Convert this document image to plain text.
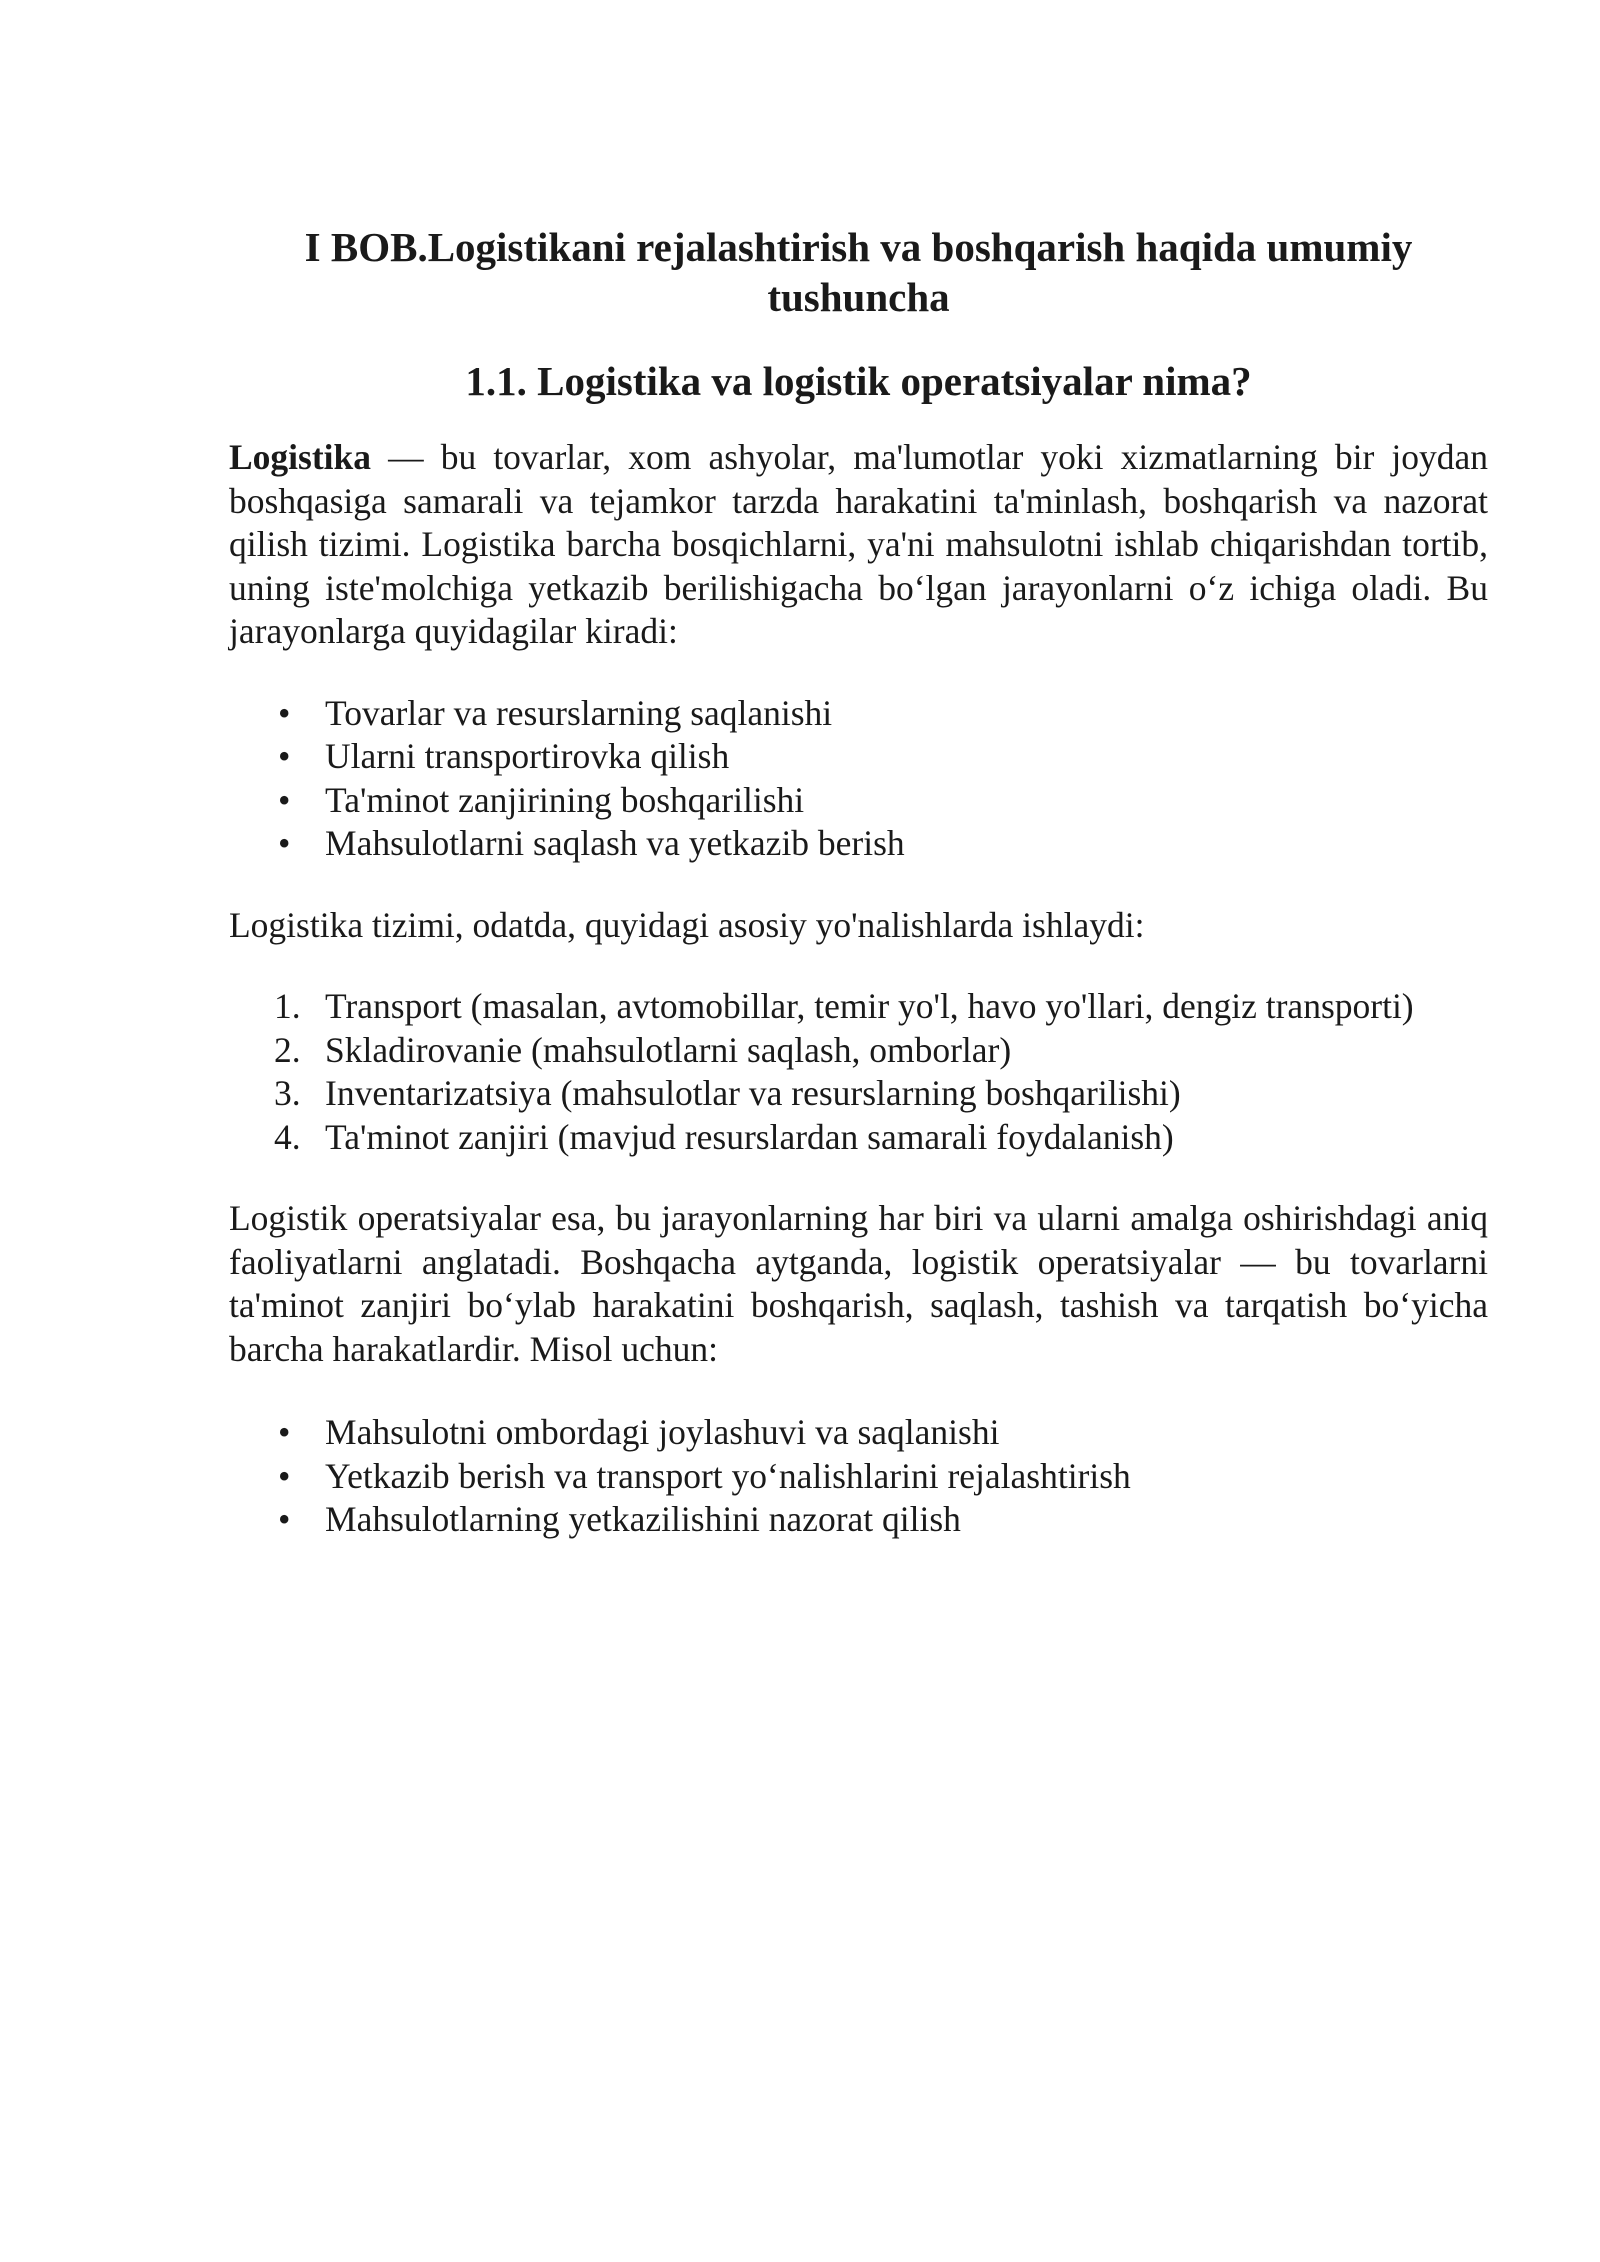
I BOB.Logistikani rejalashtirish va boshqarish haqida umumiy tushuncha
1.1. Logistika va logistik operatsiyalar nima?

Logistika — bu tovarlar, xom ashyolar, ma'lumotlar yoki xizmatlarning bir joydan boshqasiga samarali va tejamkor tarzda harakatini ta'minlash, boshqarish va nazorat qilish tizimi. Logistika barcha bosqichlarni, ya'ni mahsulotni ishlab chiqarishdan tortib, uning iste'molchiga yetkazib berilishigacha bo‘lgan jarayonlarni o‘z ichiga oladi. Bu jarayonlarga quyidagilar kiradi:

• Tovarlar va resurslarning saqlanishi
• Ularni transportirovka qilish
• Ta'minot zanjirining boshqarilishi
• Mahsulotlarni saqlash va yetkazib berish

Logistika tizimi, odatda, quyidagi asosiy yo'nalishlarda ishlaydi:

1. Transport (masalan, avtomobillar, temir yo'l, havo yo'llari, dengiz transporti)
2. Skladirovanie (mahsulotlarni saqlash, omborlar)
3. Inventarizatsiya (mahsulotlar va resurslarning boshqarilishi)
4. Ta'minot zanjiri (mavjud resurslardan samarali foydalanish)

Logistik operatsiyalar esa, bu jarayonlarning har biri va ularni amalga oshirishdagi aniq faoliyatlarni anglatadi. Boshqacha aytganda, logistik operatsiyalar — bu tovarlarni ta'minot zanjiri bo‘ylab harakatini boshqarish, saqlash, tashish va tarqatish bo‘yicha barcha harakatlardir. Misol uchun:

• Mahsulotni ombordagi joylashuvi va saqlanishi
• Yetkazib berish va transport yo‘nalishlarini rejalashtirish
• Mahsulotlarning yetkazilishini nazorat qilish
